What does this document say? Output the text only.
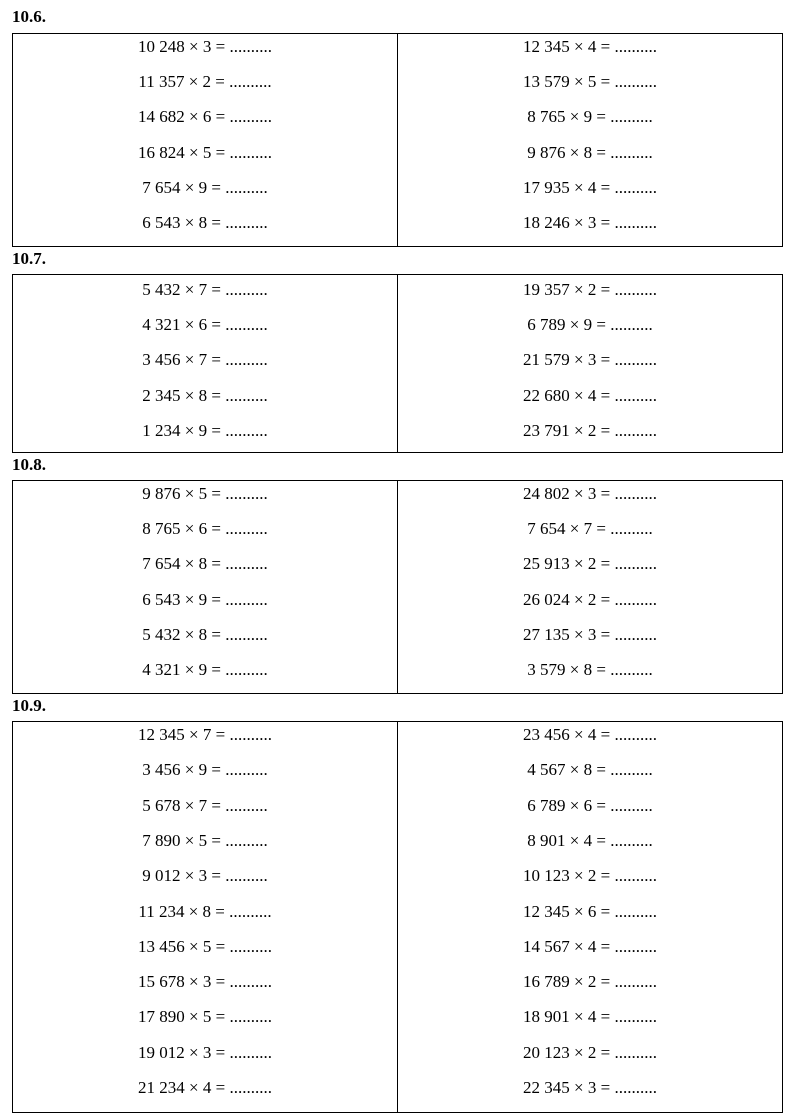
10.6.
10 248 × 3 = ..........
11 357 × 2 = ..........
14 682 × 6 = ..........
16 824 × 5 = ..........
7 654 × 9 = ..........
6 543 × 8 = ..........
12 345 × 4 = ..........
13 579 × 5 = ..........
8 765 × 9 = ..........
9 876 × 8 = ..........
17 935 × 4 = ..........
18 246 × 3 = ..........
10.7.
5 432 × 7 = ..........
4 321 × 6 = ..........
3 456 × 7 = ..........
2 345 × 8 = ..........
1 234 × 9 = ..........
19 357 × 2 = ..........
6 789 × 9 = ..........
21 579 × 3 = ..........
22 680 × 4 = ..........
23 791 × 2 = ..........
10.8.
9 876 × 5 = ..........
8 765 × 6 = ..........
7 654 × 8 = ..........
6 543 × 9 = ..........
5 432 × 8 = ..........
4 321 × 9 = ..........
24 802 × 3 = ..........
7 654 × 7 = ..........
25 913 × 2 = ..........
26 024 × 2 = ..........
27 135 × 3 = ..........
3 579 × 8 = ..........
10.9.
12 345 × 7 = ..........
3 456 × 9 = ..........
5 678 × 7 = ..........
7 890 × 5 = ..........
9 012 × 3 = ..........
11 234 × 8 = ..........
13 456 × 5 = ..........
15 678 × 3 = ..........
17 890 × 5 = ..........
19 012 × 3 = ..........
21 234 × 4 = ..........
23 456 × 4 = ..........
4 567 × 8 = ..........
6 789 × 6 = ..........
8 901 × 4 = ..........
10 123 × 2 = ..........
12 345 × 6 = ..........
14 567 × 4 = ..........
16 789 × 2 = ..........
18 901 × 4 = ..........
20 123 × 2 = ..........
22 345 × 3 = ..........
